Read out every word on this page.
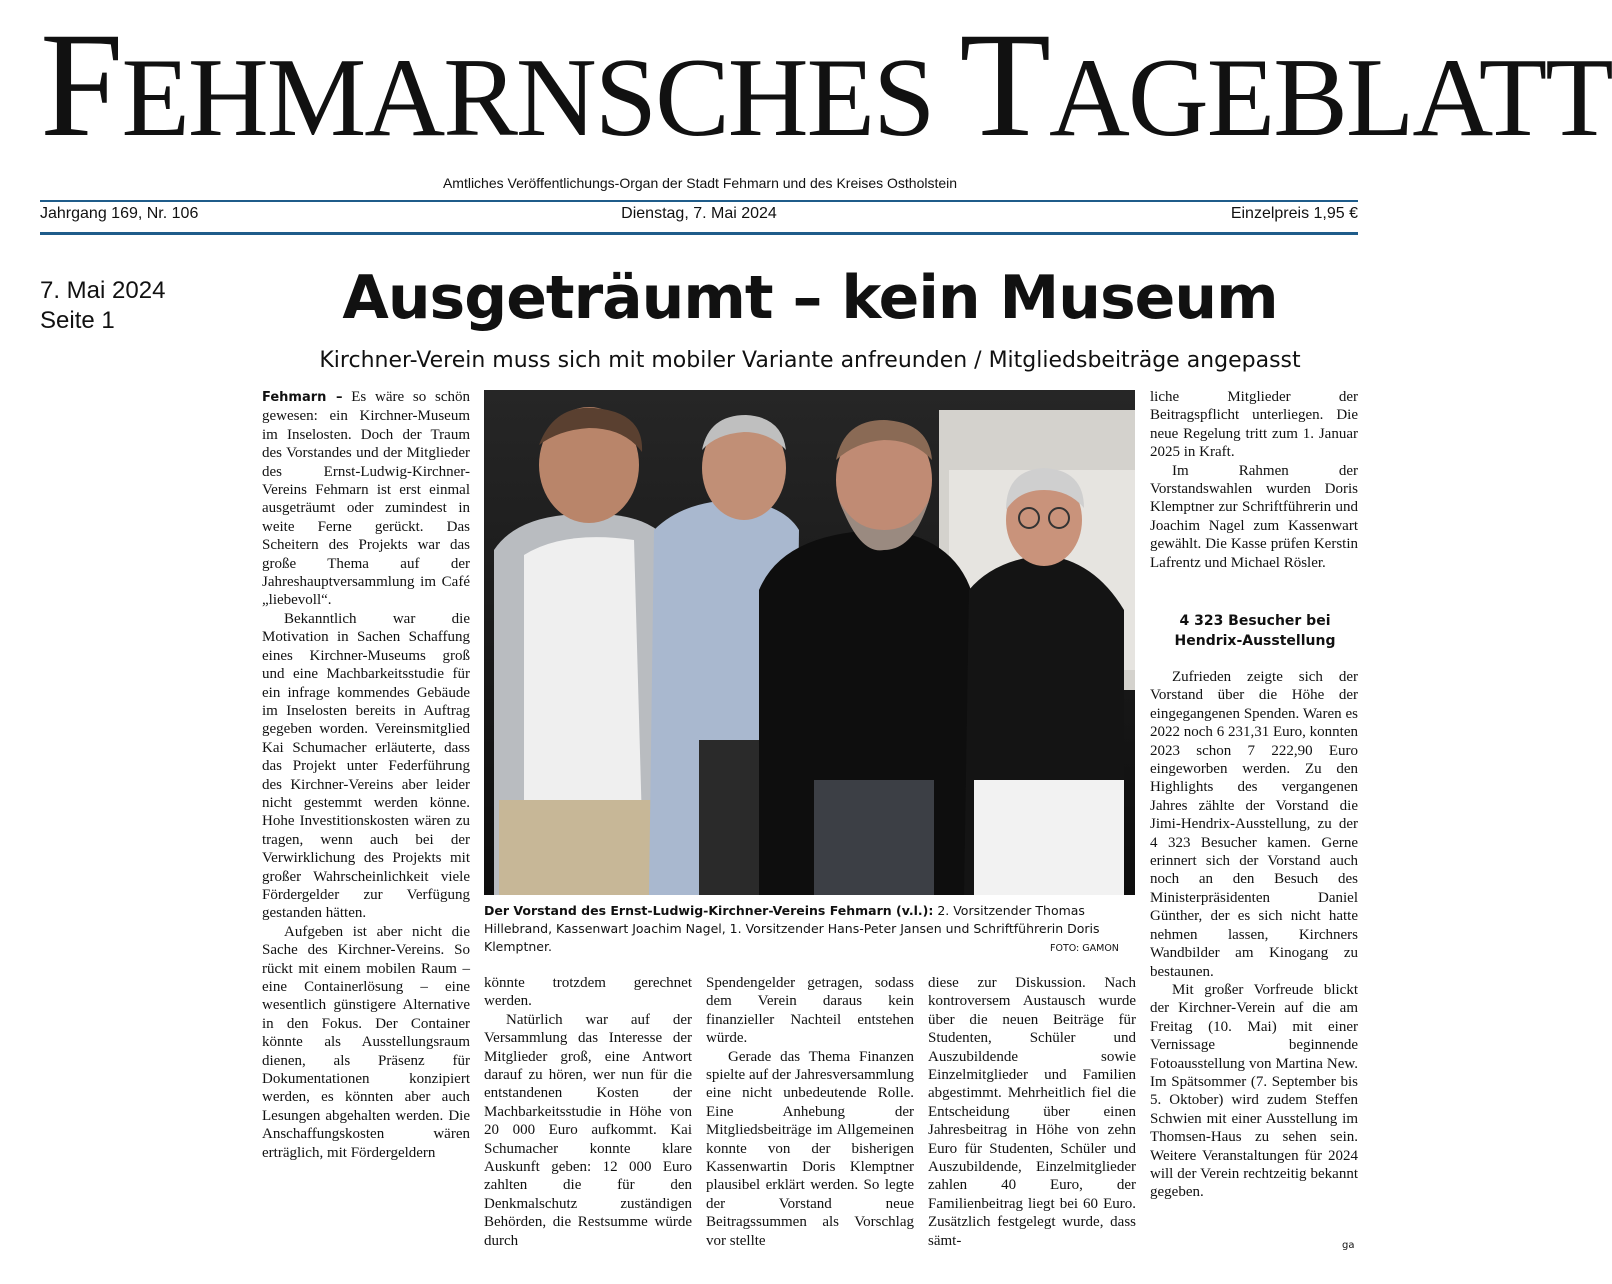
FEHMARNSCHES TAGEBLATT
Amtliches Veröffentlichungs-Organ der Stadt Fehmarn und des Kreises Ostholstein
Jahrgang 169, Nr. 106	Dienstag, 7. Mai 2024	Einzelpreis 1,95 €
7. Mai 2024
Seite 1	Ausgeträumt – kein Museum
Kirchner-Verein muss sich mit mobiler Variante anfreunden / Mitgliedsbeiträge angepasst

Fehmarn – Es wäre so schön gewesen: ein Kirchner-Museum im Inselosten. Doch der Traum des Vorstandes und der Mitglieder des Ernst-Ludwig-Kirchner-Vereins Fehmarn ist erst einmal ausgeträumt oder zumindest in weite Ferne gerückt. Das Scheitern des Projekts war das große Thema auf der Jahreshauptversammlung im Café „liebevoll“.

Bekanntlich war die Motivation in Sachen Schaffung eines Kirchner-Museums groß und eine Machbarkeitsstudie für ein infrage kommendes Gebäude im Inselosten bereits in Auftrag gegeben worden. Vereinsmitglied Kai Schumacher erläuterte, dass das Projekt unter Federführung des Kirchner-Vereins aber leider nicht gestemmt werden könne. Hohe Investitionskosten wären zu tragen, wenn auch bei der Verwirklichung des Projekts mit großer Wahrscheinlichkeit viele Fördergelder zur Verfügung gestanden hätten.

Aufgeben ist aber nicht die Sache des Kirchner-Vereins. So rückt mit einem mobilen Raum – eine Containerlösung – eine wesentlich günstigere Alternative in den Fokus. Der Container könnte als Ausstellungsraum dienen, als Präsenz für Dokumentationen konzipiert werden, es könnten aber auch Lesungen abgehalten werden. Die Anschaffungskosten wären erträglich, mit Fördergeldern

Der Vorstand des Ernst-Ludwig-Kirchner-Vereins Fehmarn (v.l.): 2. Vorsitzender Thomas Hillebrand, Kassenwart Joachim Nagel, 1. Vorsitzender Hans-Peter Jansen und Schriftführerin Doris Klemptner.	FOTO: GAMON

könnte trotzdem gerechnet werden.

Natürlich war auf der Versammlung das Interesse der Mitglieder groß, eine Antwort darauf zu hören, wer nun für die entstandenen Kosten der Machbarkeitsstudie in Höhe von 20 000 Euro aufkommt. Kai Schumacher konnte klare Auskunft geben: 12 000 Euro zahlten die für den Denkmalschutz zuständigen Behörden, die Restsumme würde durch

Spendengelder getragen, sodass dem Verein daraus kein finanzieller Nachteil entstehen würde.

Gerade das Thema Finanzen spielte auf der Jahresversammlung eine nicht unbedeutende Rolle. Eine Anhebung der Mitgliedsbeiträge im Allgemeinen konnte von der bisherigen Kassenwartin Doris Klemptner plausibel erklärt werden. So legte der Vorstand neue Beitragssummen als Vorschlag vor stellte

diese zur Diskussion. Nach kontroversem Austausch wurde über die neuen Beiträge für Studenten, Schüler und Auszubildende sowie Einzelmitglieder und Familien abgestimmt. Mehrheitlich fiel die Entscheidung über einen Jahresbeitrag in Höhe von zehn Euro für Studenten, Schüler und Auszubildende, Einzelmitglieder zahlen 40 Euro, der Familienbeitrag liegt bei 60 Euro. Zusätzlich festgelegt wurde, dass sämt-

liche Mitglieder der Beitragspflicht unterliegen. Die neue Regelung tritt zum 1. Januar 2025 in Kraft.

Im Rahmen der Vorstandswahlen wurden Doris Klemptner zur Schriftführerin und Joachim Nagel zum Kassenwart gewählt. Die Kasse prüfen Kerstin Lafrentz und Michael Rösler.

4 323 Besucher bei Hendrix-Ausstellung

Zufrieden zeigte sich der Vorstand über die Höhe der eingegangenen Spenden. Waren es 2022 noch 6 231,31 Euro, konnten 2023 schon 7 222,90 Euro eingeworben werden. Zu den Highlights des vergangenen Jahres zählte der Vorstand die Jimi-Hendrix-Ausstellung, zu der 4 323 Besucher kamen. Gerne erinnert sich der Vorstand auch noch an den Besuch des Ministerpräsidenten Daniel Günther, der es sich nicht hatte nehmen lassen, Kirchners Wandbilder am Kinogang zu bestaunen.

Mit großer Vorfreude blickt der Kirchner-Verein auf die am Freitag (10. Mai) mit einer Vernissage beginnende Fotoausstellung von Martina New. Im Spätsommer (7. September bis 5. Oktober) wird zudem Steffen Schwien mit einer Ausstellung im Thomsen-Haus zu sehen sein. Weitere Veranstaltungen für 2024 will der Verein rechtzeitig bekannt gegeben.

ga
